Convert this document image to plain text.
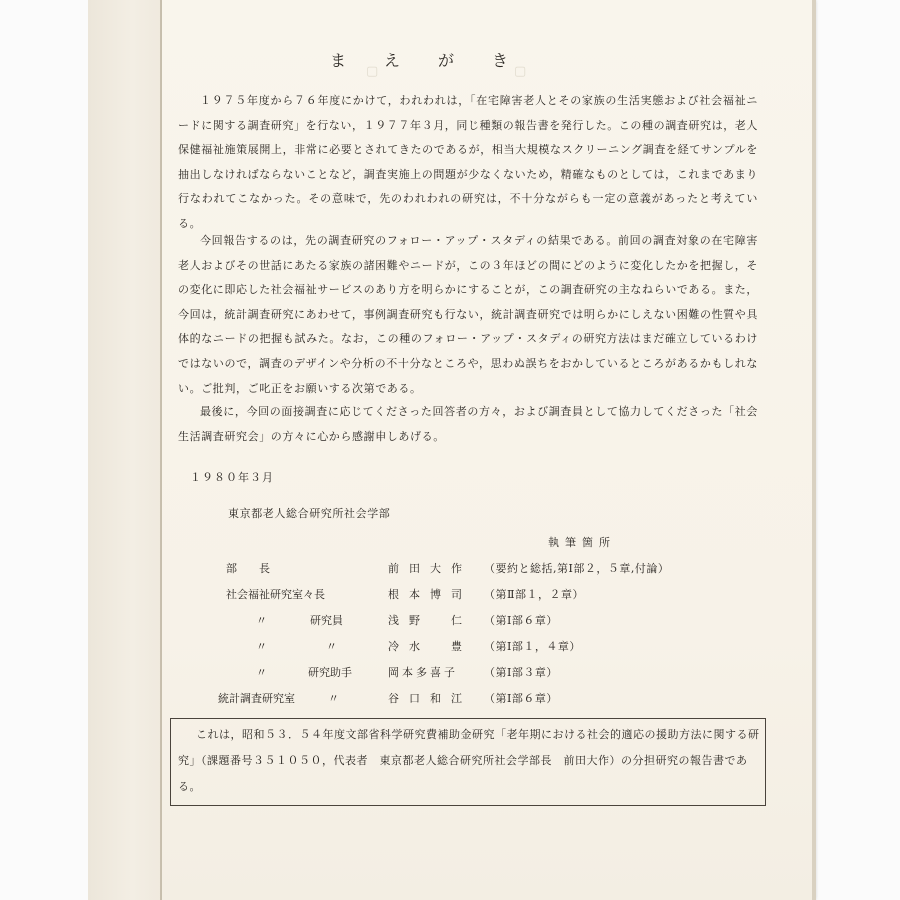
▢	▢
ま え が き
１９７５年度から７６年度にかけて，われわれは，「在宅障害老人とその家族の生活実態および社会福祉ニードに関する調査研究」を行ない，１９７７年３月，同じ種類の報告書を発行した。この種の調査研究は，老人保健福祉施策展開上，非常に必要とされてきたのであるが，相当大規模なスクリーニング調査を経てサンプルを抽出しなければならないことなど，調査実施上の問題が少なくないため，精確なものとしては，これまであまり行なわれてこなかった。その意味で，先のわれわれの研究は，不十分ながらも一定の意義があったと考えている。
今回報告するのは，先の調査研究のフォロー・アップ・スタディの結果である。前回の調査対象の在宅障害老人およびその世話にあたる家族の諸困難やニードが，この３年ほどの間にどのように変化したかを把握し，その変化に即応した社会福祉サービスのあり方を明らかにすることが，この調査研究の主なねらいである。また，今回は，統計調査研究にあわせて，事例調査研究も行ない，統計調査研究では明らかにしえない困難の性質や具体的なニードの把握も試みた。なお，この種のフォロー・アップ・スタディの研究方法はまだ確立しているわけではないので，調査のデザインや分析の不十分なところや，思わぬ誤ちをおかしているところがあるかもしれない。ご批判，ご叱正をお願いする次第である。
最後に，今回の面接調査に応じてくださった回答者の方々，および調査員として協力してくださった「社会生活調査研究会」の方々に心から感謝申しあげる。
１９８０年３月
東京都老人総合研究所社会学部
執筆箇所
部　　長	前田大作 （要約と総括,第Ⅰ部２，５章,付論）
社会福祉研究室々長	根本博司 （第Ⅱ部１，２章）
〃	研究員	浅野　仁 （第Ⅰ部６章）
〃	〃	冷水　豊 （第Ⅰ部１，４章）
〃	研究助手	岡本多喜子 （第Ⅰ部３章）
統計調査研究室	〃	谷口和江 （第Ⅰ部６章）
これは，昭和５３．５４年度文部省科学研究費補助金研究「老年期における社会的適応の援助方法に関する研究」（課題番号３５１０５０，代表者　東京都老人総合研究所社会学部長　前田大作）の分担研究の報告書である。
